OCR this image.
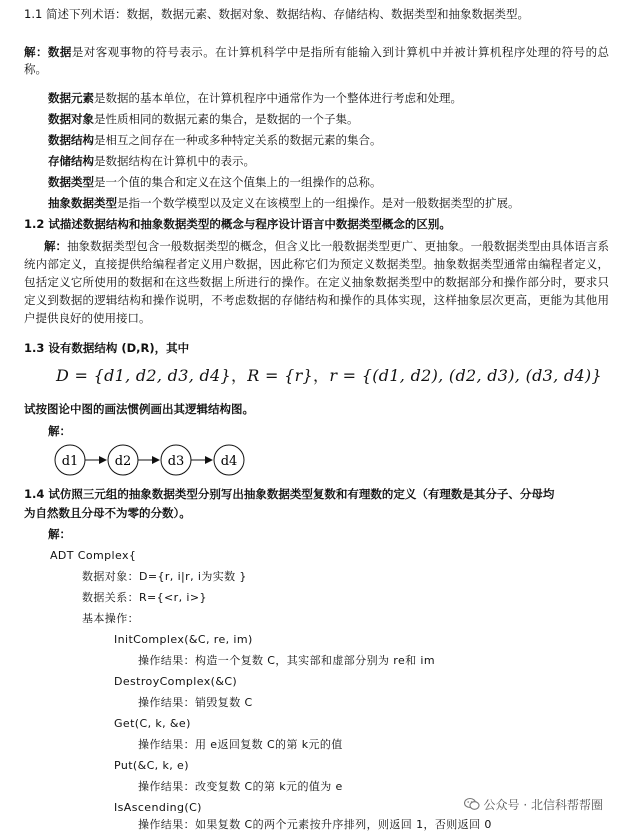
1.1 简述下列术语：数据，数据元素、数据对象、数据结构、存储结构、数据类型和抽象数据类型。
解：数据是对客观事物的符号表示。在计算机科学中是指所有能输入到计算机中并被计算机程序处理的符号的总称。
数据元素是数据的基本单位，在计算机程序中通常作为一个整体进行考虑和处理。
数据对象是性质相同的数据元素的集合，是数据的一个子集。
数据结构是相互之间存在一种或多种特定关系的数据元素的集合。
存储结构是数据结构在计算机中的表示。
数据类型是一个值的集合和定义在这个值集上的一组操作的总称。
抽象数据类型是指一个数学模型以及定义在该模型上的一组操作。是对一般数据类型的扩展。
1.2 试描述数据结构和抽象数据类型的概念与程序设计语言中数据类型概念的区别。
解：抽象数据类型包含一般数据类型的概念，但含义比一般数据类型更广、更抽象。一般数据类型由具体语言系统内部定义，直接提供给编程者定义用户数据，因此称它们为预定义数据类型。抽象数据类型通常由编程者定义，包括定义它所使用的数据和在这些数据上所进行的操作。在定义抽象数据类型中的数据部分和操作部分时，要求只定义到数据的逻辑结构和操作说明，不考虑数据的存储结构和操作的具体实现，这样抽象层次更高，更能为其他用户提供良好的使用接口。
1.3 设有数据结构 (D,R)，其中
D = {d1, d2, d3, d4}，R = {r}，r = {(d1, d2), (d2, d3), (d3, d4)}
试按图论中图的画法惯例画出其逻辑结构图。
解：
d1	d2	d3	d4
1.4 试仿照三元组的抽象数据类型分别写出抽象数据类型复数和有理数的定义（有理数是其分子、分母均
为自然数且分母不为零的分数）。
解：
ADT Complex{
数据对象：D={r, i|r, i为实数 }
数据关系：R={<r, i>}
基本操作：
InitComplex(&C, re, im)
操作结果：构造一个复数 C，其实部和虚部分别为 re和 im
DestroyComplex(&C)
操作结果：销毁复数 C
Get(C, k, &e)
操作结果：用 e返回复数 C的第 k元的值
Put(&C, k, e)
操作结果：改变复数 C的第 k元的值为 e
IsAscending(C)
操作结果：如果复数 C的两个元素按升序排列，则返回 1，否则返回 0
公众号 · 北信科帮帮圈
